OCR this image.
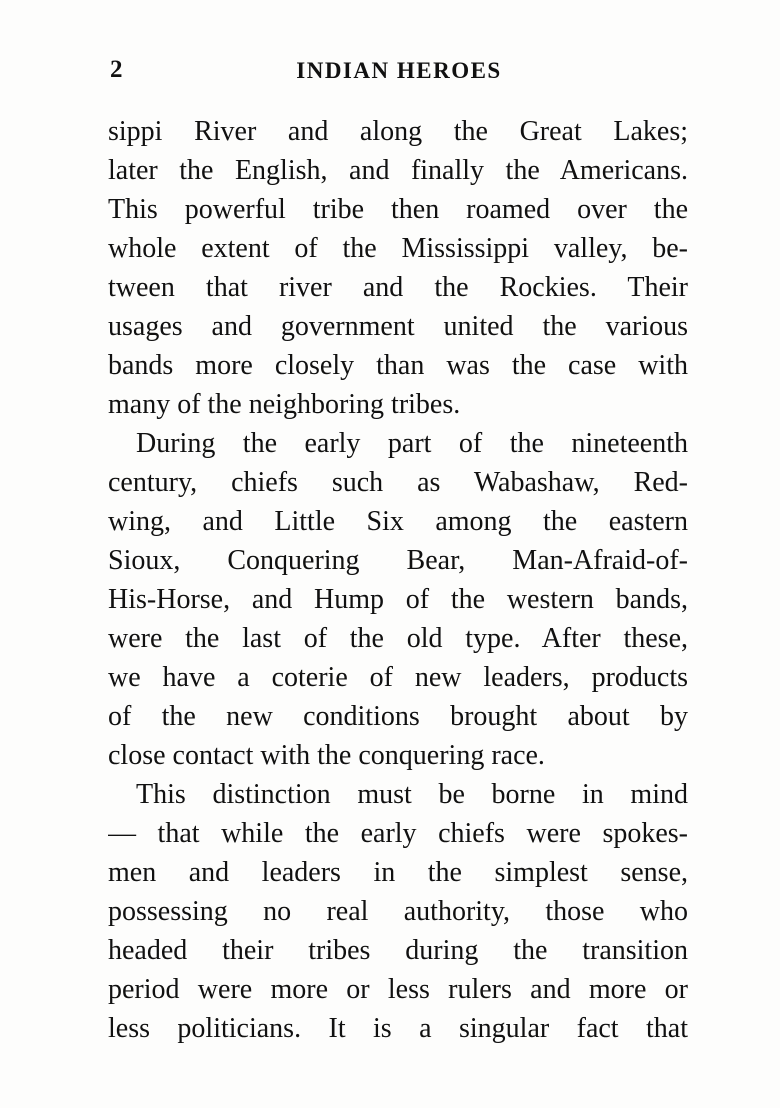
2	INDIAN HEROES
sippi River and along the Great Lakes;
later the English, and finally the Americans.
This powerful tribe then roamed over the
whole extent of the Mississippi valley, be-
tween that river and the Rockies. Their
usages and government united the various
bands more closely than was the case with
many of the neighboring tribes.
During the early part of the nineteenth
century, chiefs such as Wabashaw, Red-
wing, and Little Six among the eastern
Sioux, Conquering Bear, Man-Afraid-of-
His-Horse, and Hump of the western bands,
were the last of the old type. After these,
we have a coterie of new leaders, products
of the new conditions brought about by
close contact with the conquering race.
This distinction must be borne in mind
— that while the early chiefs were spokes-
men and leaders in the simplest sense,
possessing no real authority, those who
headed their tribes during the transition
period were more or less rulers and more or
less politicians. It is a singular fact that
